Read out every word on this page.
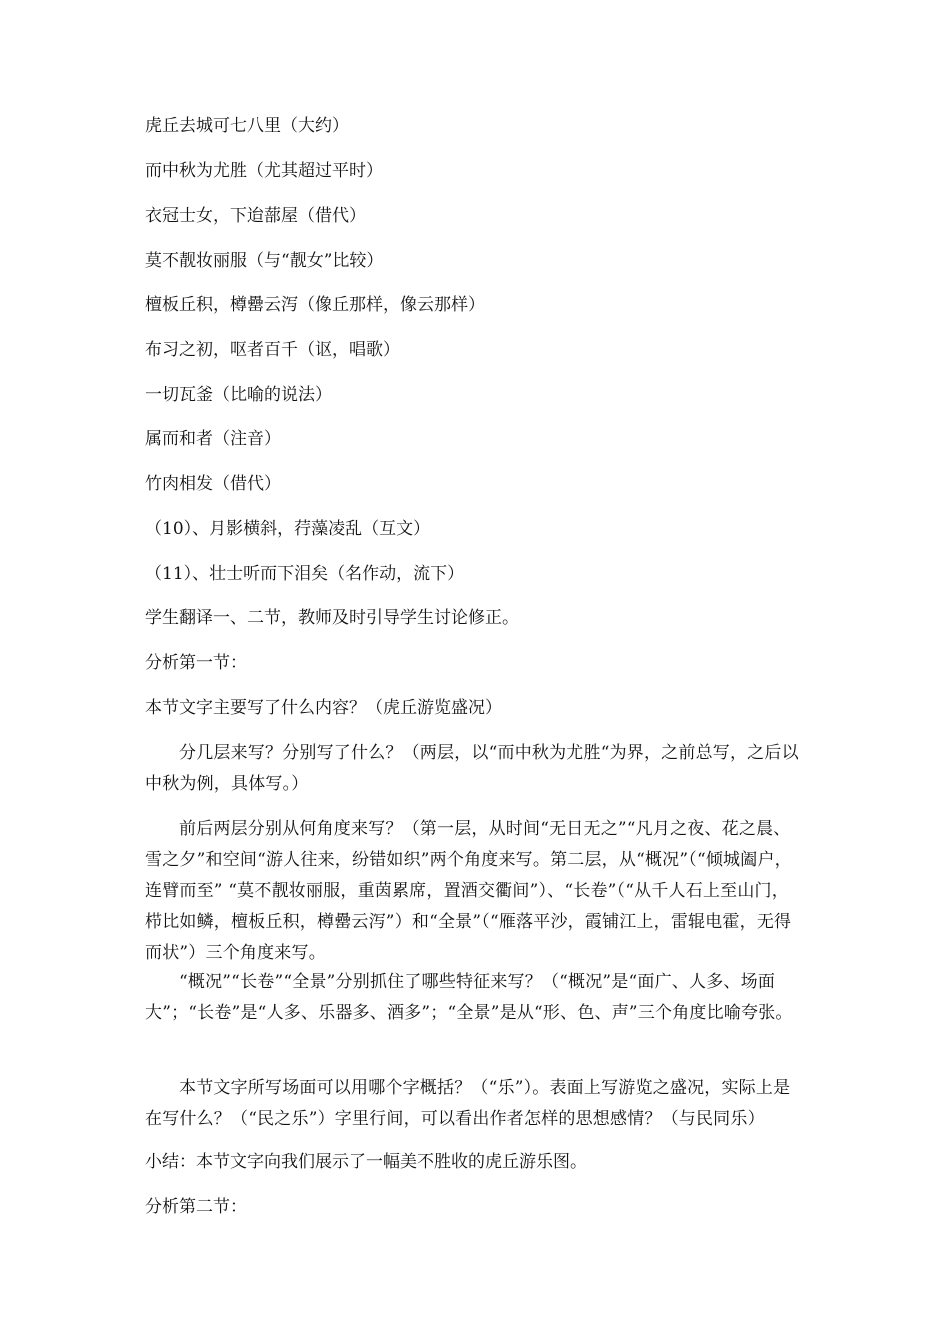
虎丘去城可七八里（大约）
而中秋为尤胜（尤其超过平时）
衣冠士女，下迨蔀屋（借代）
莫不靓妆丽服（与“靓女”比较）
檀板丘积，樽罍云泻（像丘那样，像云那样）
布习之初，呕者百千（讴，唱歌）
一切瓦釜（比喻的说法）
属而和者（注音）
竹肉相发（借代）
（10）、月影横斜，荇藻凌乱（互文）
（11）、壮士听而下泪矣（名作动，流下）
学生翻译一、二节，教师及时引导学生讨论修正。
分析第一节：
本节文字主要写了什么内容？（虎丘游览盛况）
分几层来写？分别写了什么？（两层，以“而中秋为尤胜“为界，之前总写，之后以中秋为例，具体写。）
前后两层分别从何角度来写？（第一层，从时间“无日无之”“凡月之夜、花之晨、雪之夕”和空间“游人往来，纷错如织”两个角度来写。第二层，从“概况”（“倾城阖户，连臂而至” “莫不靓妆丽服，重茵累席，置酒交衢间”）、“长卷”（“从千人石上至山门，栉比如鳞，檀板丘积，樽罍云泻”）和“全景”（“雁落平沙，霞铺江上，雷辊电霍，无得而状”）三个角度来写。
“概况”“长卷”“全景”分别抓住了哪些特征来写？（“概况”是“面广、人多、场面大”；“长卷”是“人多、乐器多、酒多”；“全景”是从“形、色、声”三个角度比喻夸张。
本节文字所写场面可以用哪个字概括？（“乐”）。表面上写游览之盛况，实际上是在写什么？（“民之乐”）字里行间，可以看出作者怎样的思想感情？（与民同乐）
小结：本节文字向我们展示了一幅美不胜收的虎丘游乐图。
分析第二节：
